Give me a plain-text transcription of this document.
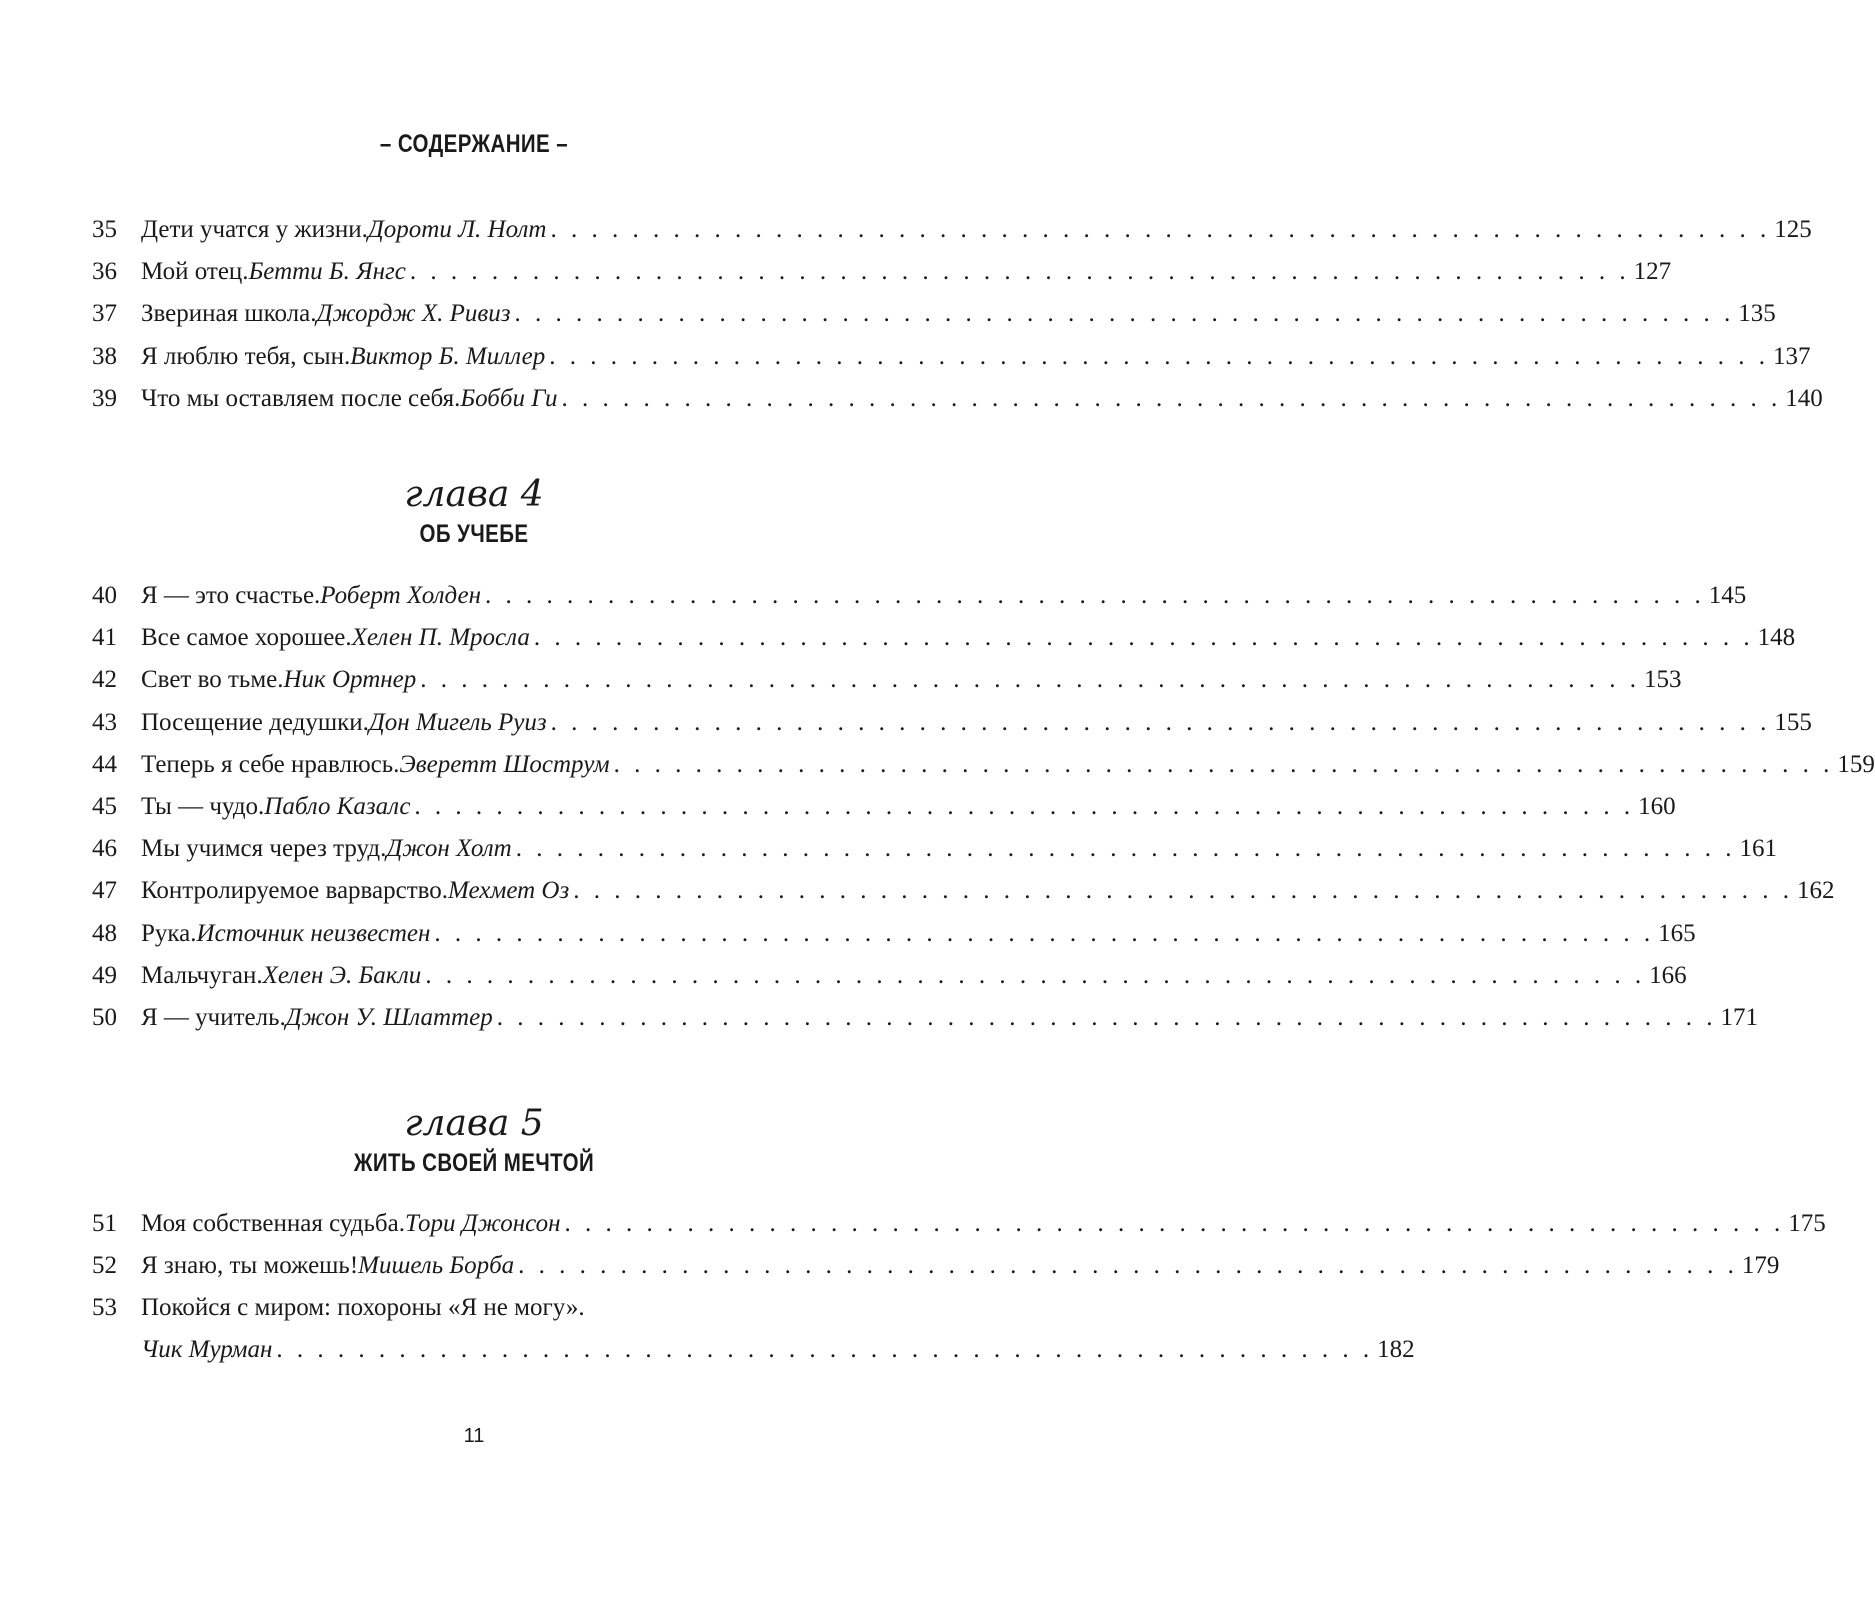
– СОДЕРЖАНИЕ –
35 Дети учатся у жизни. Дороти Л. Нолт . . . . . . . . . . . . . . . . . . . . . . . . . . . . . . . . . . . . . . . . . . . . . . . . . . . . . . . . . . . . 125
36 Мой отец. Бетти Б. Янгс . . . . . . . . . . . . . . . . . . . . . . . . . . . . . . . . . . . . . . . . . . . . . . . . . . . . . . . . . . . . 127
37 Звериная школа. Джордж Х. Ривиз . . . . . . . . . . . . . . . . . . . . . . . . . . . . . . . . . . . . . . . . . . . . . . . . . . . . . . . . . . . . 135
38 Я люблю тебя, сын. Виктор Б. Миллер . . . . . . . . . . . . . . . . . . . . . . . . . . . . . . . . . . . . . . . . . . . . . . . . . . . . . . . . . . . . 137
39 Что мы оставляем после себя. Бобби Ги . . . . . . . . . . . . . . . . . . . . . . . . . . . . . . . . . . . . . . . . . . . . . . . . . . . . . . . . . . . . 140
глава 4
ОБ УЧЕБЕ
40 Я — это счастье. Роберт Холден . . . . . . . . . . . . . . . . . . . . . . . . . . . . . . . . . . . . . . . . . . . . . . . . . . . . . . . . . . . . 145
41 Все самое хорошее. Хелен П. Мросла . . . . . . . . . . . . . . . . . . . . . . . . . . . . . . . . . . . . . . . . . . . . . . . . . . . . . . . . . . . . 148
42 Свет во тьме. Ник Ортнер . . . . . . . . . . . . . . . . . . . . . . . . . . . . . . . . . . . . . . . . . . . . . . . . . . . . . . . . . . . . 153
43 Посещение дедушки. Дон Мигель Руиз . . . . . . . . . . . . . . . . . . . . . . . . . . . . . . . . . . . . . . . . . . . . . . . . . . . . . . . . . . . . 155
44 Теперь я себе нравлюсь. Эверетт Шострум . . . . . . . . . . . . . . . . . . . . . . . . . . . . . . . . . . . . . . . . . . . . . . . . . . . . . . . . . . . . 159
45 Ты — чудо. Пабло Казалс . . . . . . . . . . . . . . . . . . . . . . . . . . . . . . . . . . . . . . . . . . . . . . . . . . . . . . . . . . . . 160
46 Мы учимся через труд. Джон Холт . . . . . . . . . . . . . . . . . . . . . . . . . . . . . . . . . . . . . . . . . . . . . . . . . . . . . . . . . . . . 161
47 Контролируемое варварство. Мехмет Оз . . . . . . . . . . . . . . . . . . . . . . . . . . . . . . . . . . . . . . . . . . . . . . . . . . . . . . . . . . . . 162
48 Рука. Источник неизвестен . . . . . . . . . . . . . . . . . . . . . . . . . . . . . . . . . . . . . . . . . . . . . . . . . . . . . . . . . . . . 165
49 Мальчуган. Хелен Э. Бакли . . . . . . . . . . . . . . . . . . . . . . . . . . . . . . . . . . . . . . . . . . . . . . . . . . . . . . . . . . . . 166
50 Я — учитель. Джон У. Шлаттер . . . . . . . . . . . . . . . . . . . . . . . . . . . . . . . . . . . . . . . . . . . . . . . . . . . . . . . . . . . . 171
глава 5
ЖИТЬ СВОЕЙ МЕЧТОЙ
51 Моя собственная судьба. Тори Джонсон . . . . . . . . . . . . . . . . . . . . . . . . . . . . . . . . . . . . . . . . . . . . . . . . . . . . . . . . . . . . 175
52 Я знаю, ты можешь! Мишель Борба . . . . . . . . . . . . . . . . . . . . . . . . . . . . . . . . . . . . . . . . . . . . . . . . . . . . . . . . . . . . 179
53 Покойся с миром: похороны «Я не могу».
Чик Мурман . . . . . . . . . . . . . . . . . . . . . . . . . . . . . . . . . . . . . . . . . . . . . . . . . . . . . . 182
11
